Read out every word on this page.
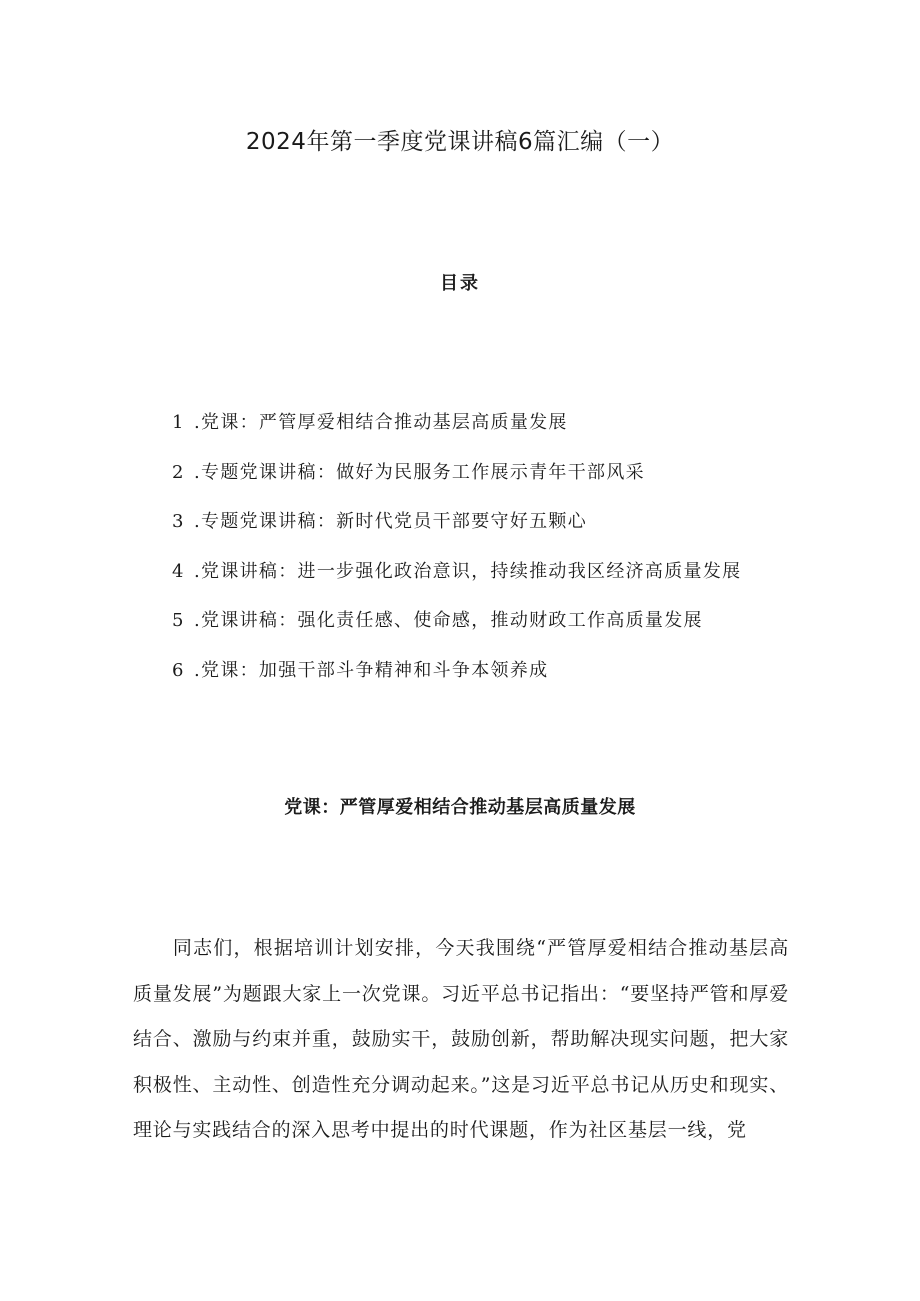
2024年第一季度党课讲稿6篇汇编（一）
目录
1 .党课：严管厚爱相结合推动基层高质量发展
2 .专题党课讲稿：做好为民服务工作展示青年干部风采
3 .专题党课讲稿：新时代党员干部要守好五颗心
4 .党课讲稿：进一步强化政治意识，持续推动我区经济高质量发展
5 .党课讲稿：强化责任感、使命感，推动财政工作高质量发展
6 .党课：加强干部斗争精神和斗争本领养成
党课：严管厚爱相结合推动基层高质量发展

同志们，根据培训计划安排，今天我围绕“严管厚爱相结合推动基层高质量发展”为题跟大家上一次党课。习近平总书记指出：“要坚持严管和厚爱结合、激励与约束并重，鼓励实干，鼓励创新，帮助解决现实问题，把大家积极性、主动性、创造性充分调动起来。”这是习近平总书记从历史和现实、理论与实践结合的深入思考中提出的时代课题，作为社区基层一线，党
